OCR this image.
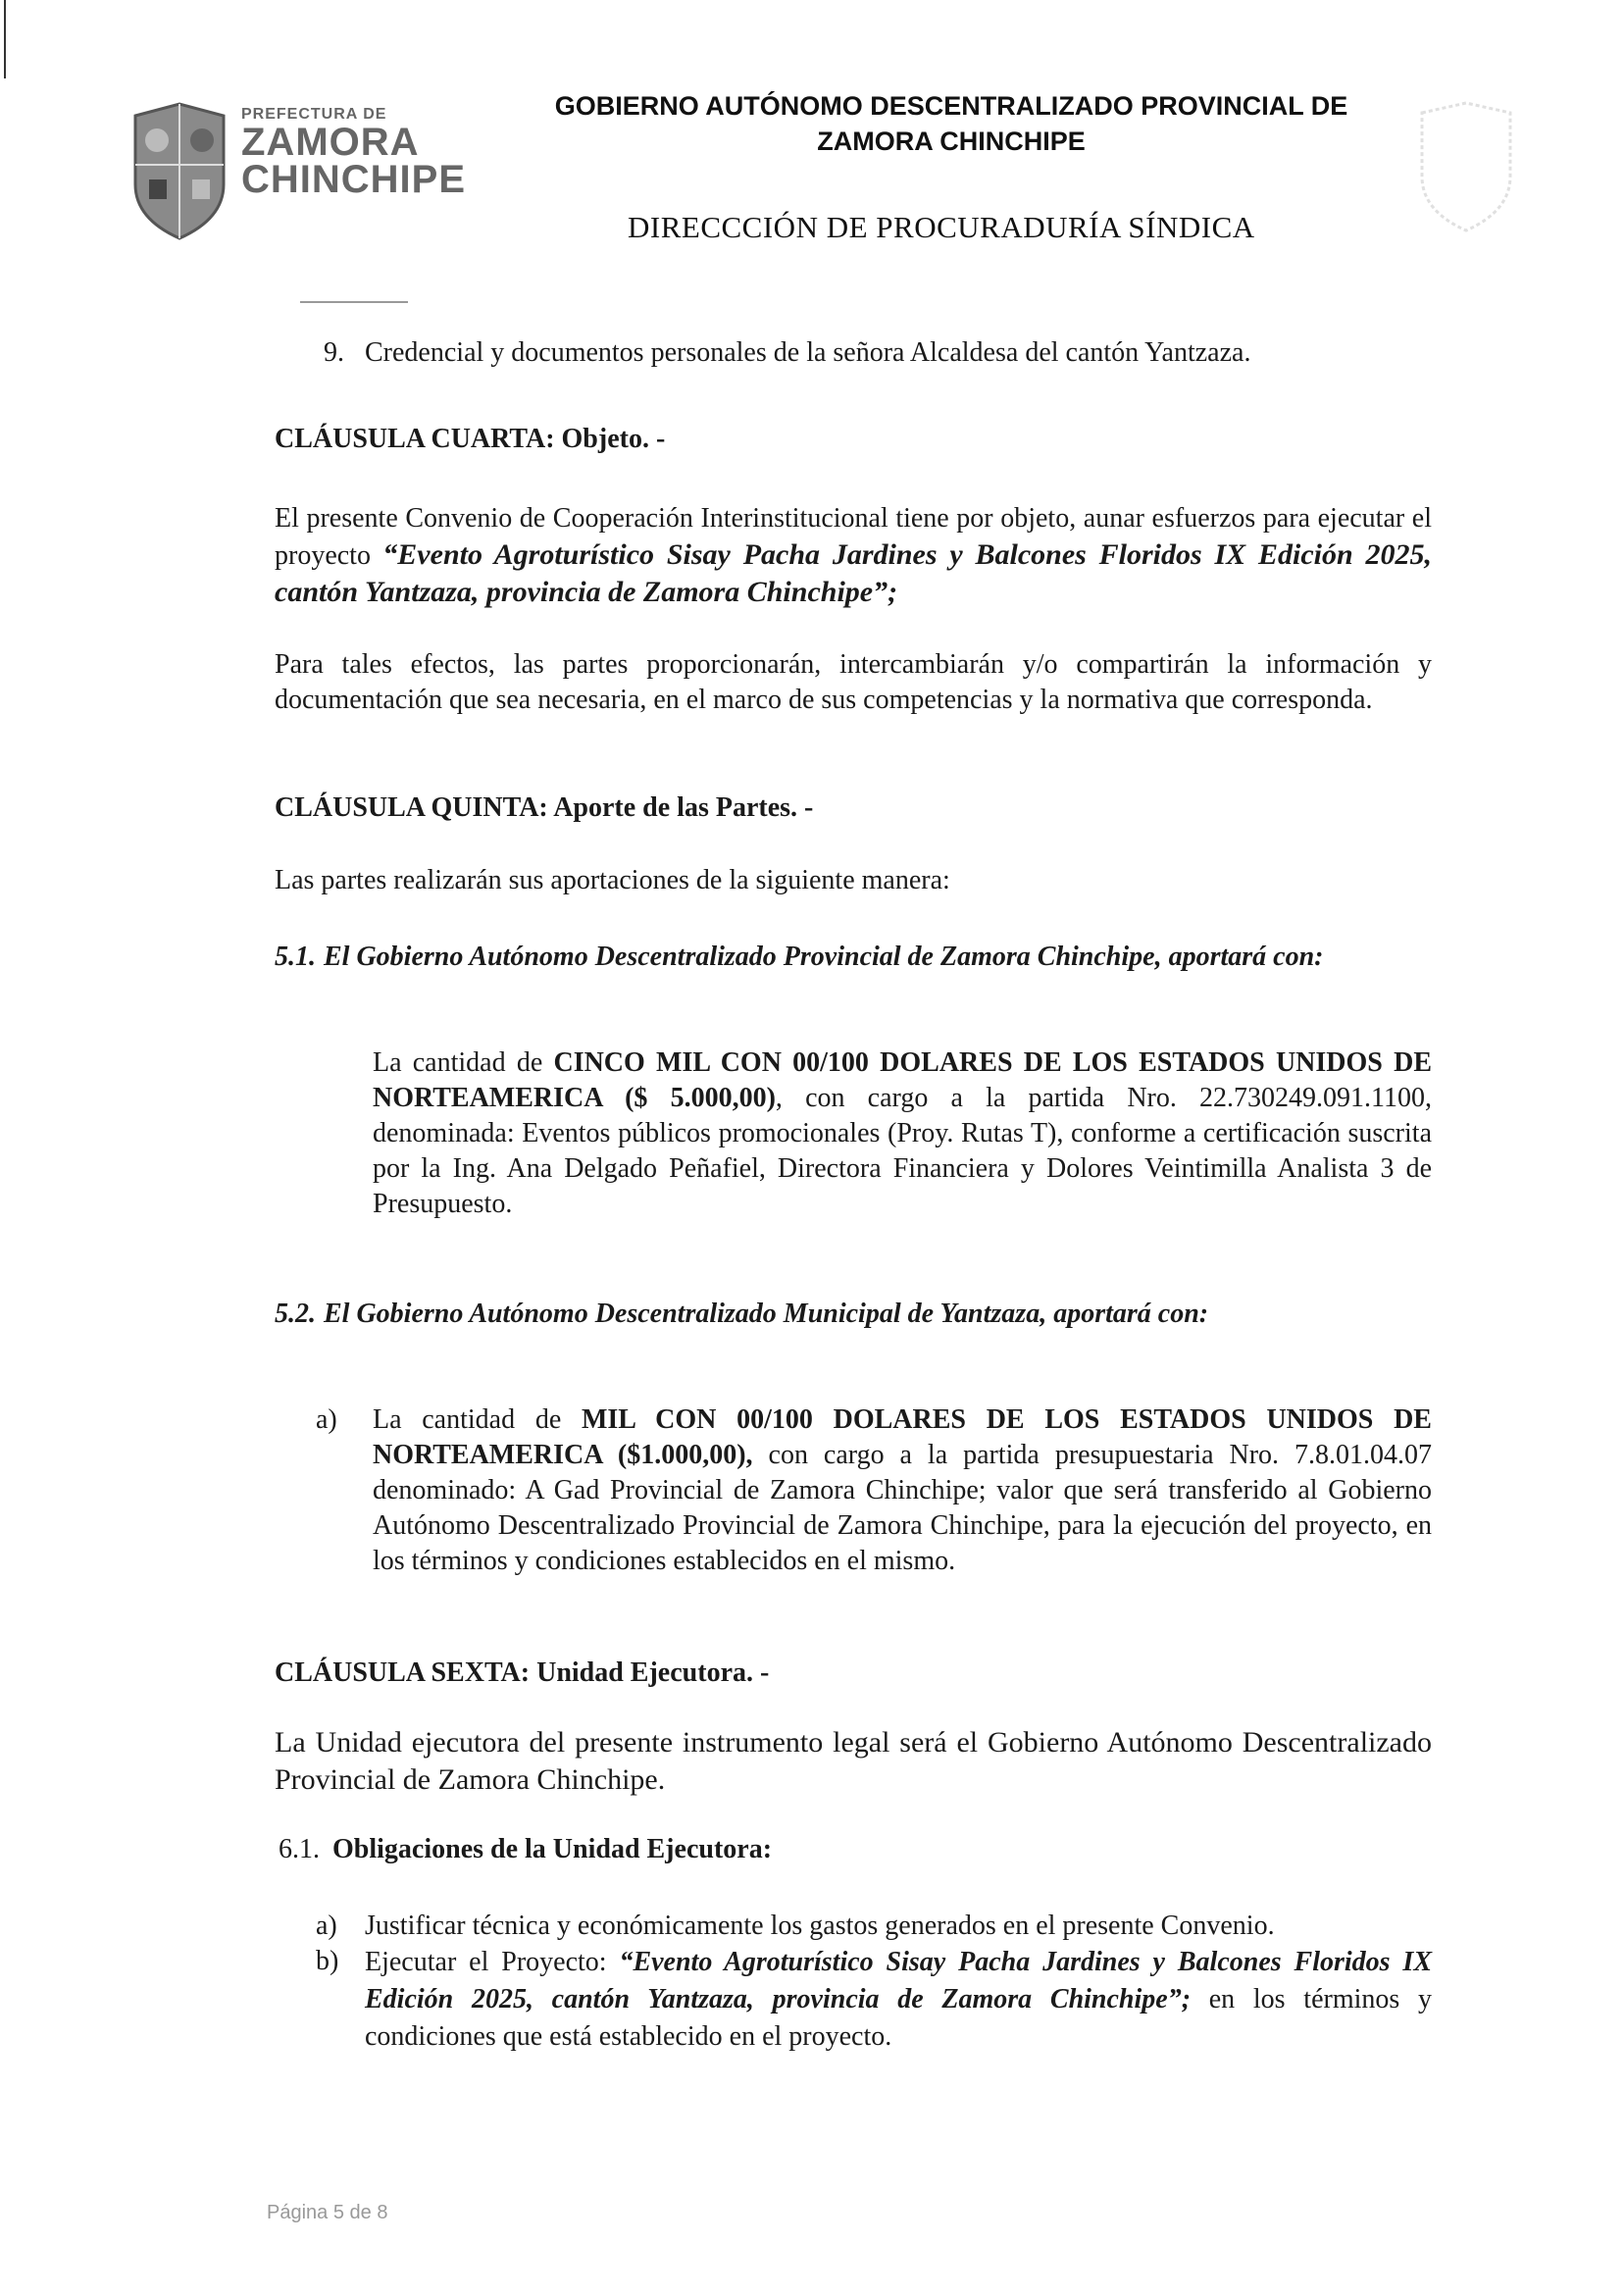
PREFECTURA DE
ZAMORA
CHINCHIPE
GOBIERNO AUTÓNOMO DESCENTRALIZADO PROVINCIAL DE
ZAMORA CHINCHIPE
DIRECCCIÓN DE PROCURADURÍA SÍNDICA
9. Credencial y documentos personales de la señora Alcaldesa del cantón Yantzaza.
CLÁUSULA CUARTA: Objeto. -
El presente Convenio de Cooperación Interinstitucional tiene por objeto, aunar esfuerzos para ejecutar el proyecto “Evento Agroturístico Sisay Pacha Jardines y Balcones Floridos IX Edición 2025, cantón Yantzaza, provincia de Zamora Chinchipe”;
Para tales efectos, las partes proporcionarán, intercambiarán y/o compartirán la información y documentación que sea necesaria, en el marco de sus competencias y la normativa que corresponda.
CLÁUSULA QUINTA: Aporte de las Partes. -
Las partes realizarán sus aportaciones de la siguiente manera:
5.1. El Gobierno Autónomo Descentralizado Provincial de Zamora Chinchipe, aportará con:
La cantidad de CINCO MIL CON 00/100 DOLARES DE LOS ESTADOS UNIDOS DE NORTEAMERICA ($ 5.000,00), con cargo a la partida Nro. 22.730249.091.1100, denominada: Eventos públicos promocionales (Proy. Rutas T), conforme a certificación suscrita por la Ing. Ana Delgado Peñafiel, Directora Financiera y Dolores Veintimilla Analista 3 de Presupuesto.
5.2. El Gobierno Autónomo Descentralizado Municipal de Yantzaza, aportará con:
a) La cantidad de MIL CON 00/100 DOLARES DE LOS ESTADOS UNIDOS DE NORTEAMERICA ($1.000,00), con cargo a la partida presupuestaria Nro. 7.8.01.04.07 denominado: A Gad Provincial de Zamora Chinchipe; valor que será transferido al Gobierno Autónomo Descentralizado Provincial de Zamora Chinchipe, para la ejecución del proyecto, en los términos y condiciones establecidos en el mismo.
CLÁUSULA SEXTA: Unidad Ejecutora. -
La Unidad ejecutora del presente instrumento legal será el Gobierno Autónomo Descentralizado Provincial de Zamora Chinchipe.
6.1. Obligaciones de la Unidad Ejecutora:
a) Justificar técnica y económicamente los gastos generados en el presente Convenio.
b) Ejecutar el Proyecto: “Evento Agroturístico Sisay Pacha Jardines y Balcones Floridos IX Edición 2025, cantón Yantzaza, provincia de Zamora Chinchipe”; en los términos y condiciones que está establecido en el proyecto.
Página 5 de 8
